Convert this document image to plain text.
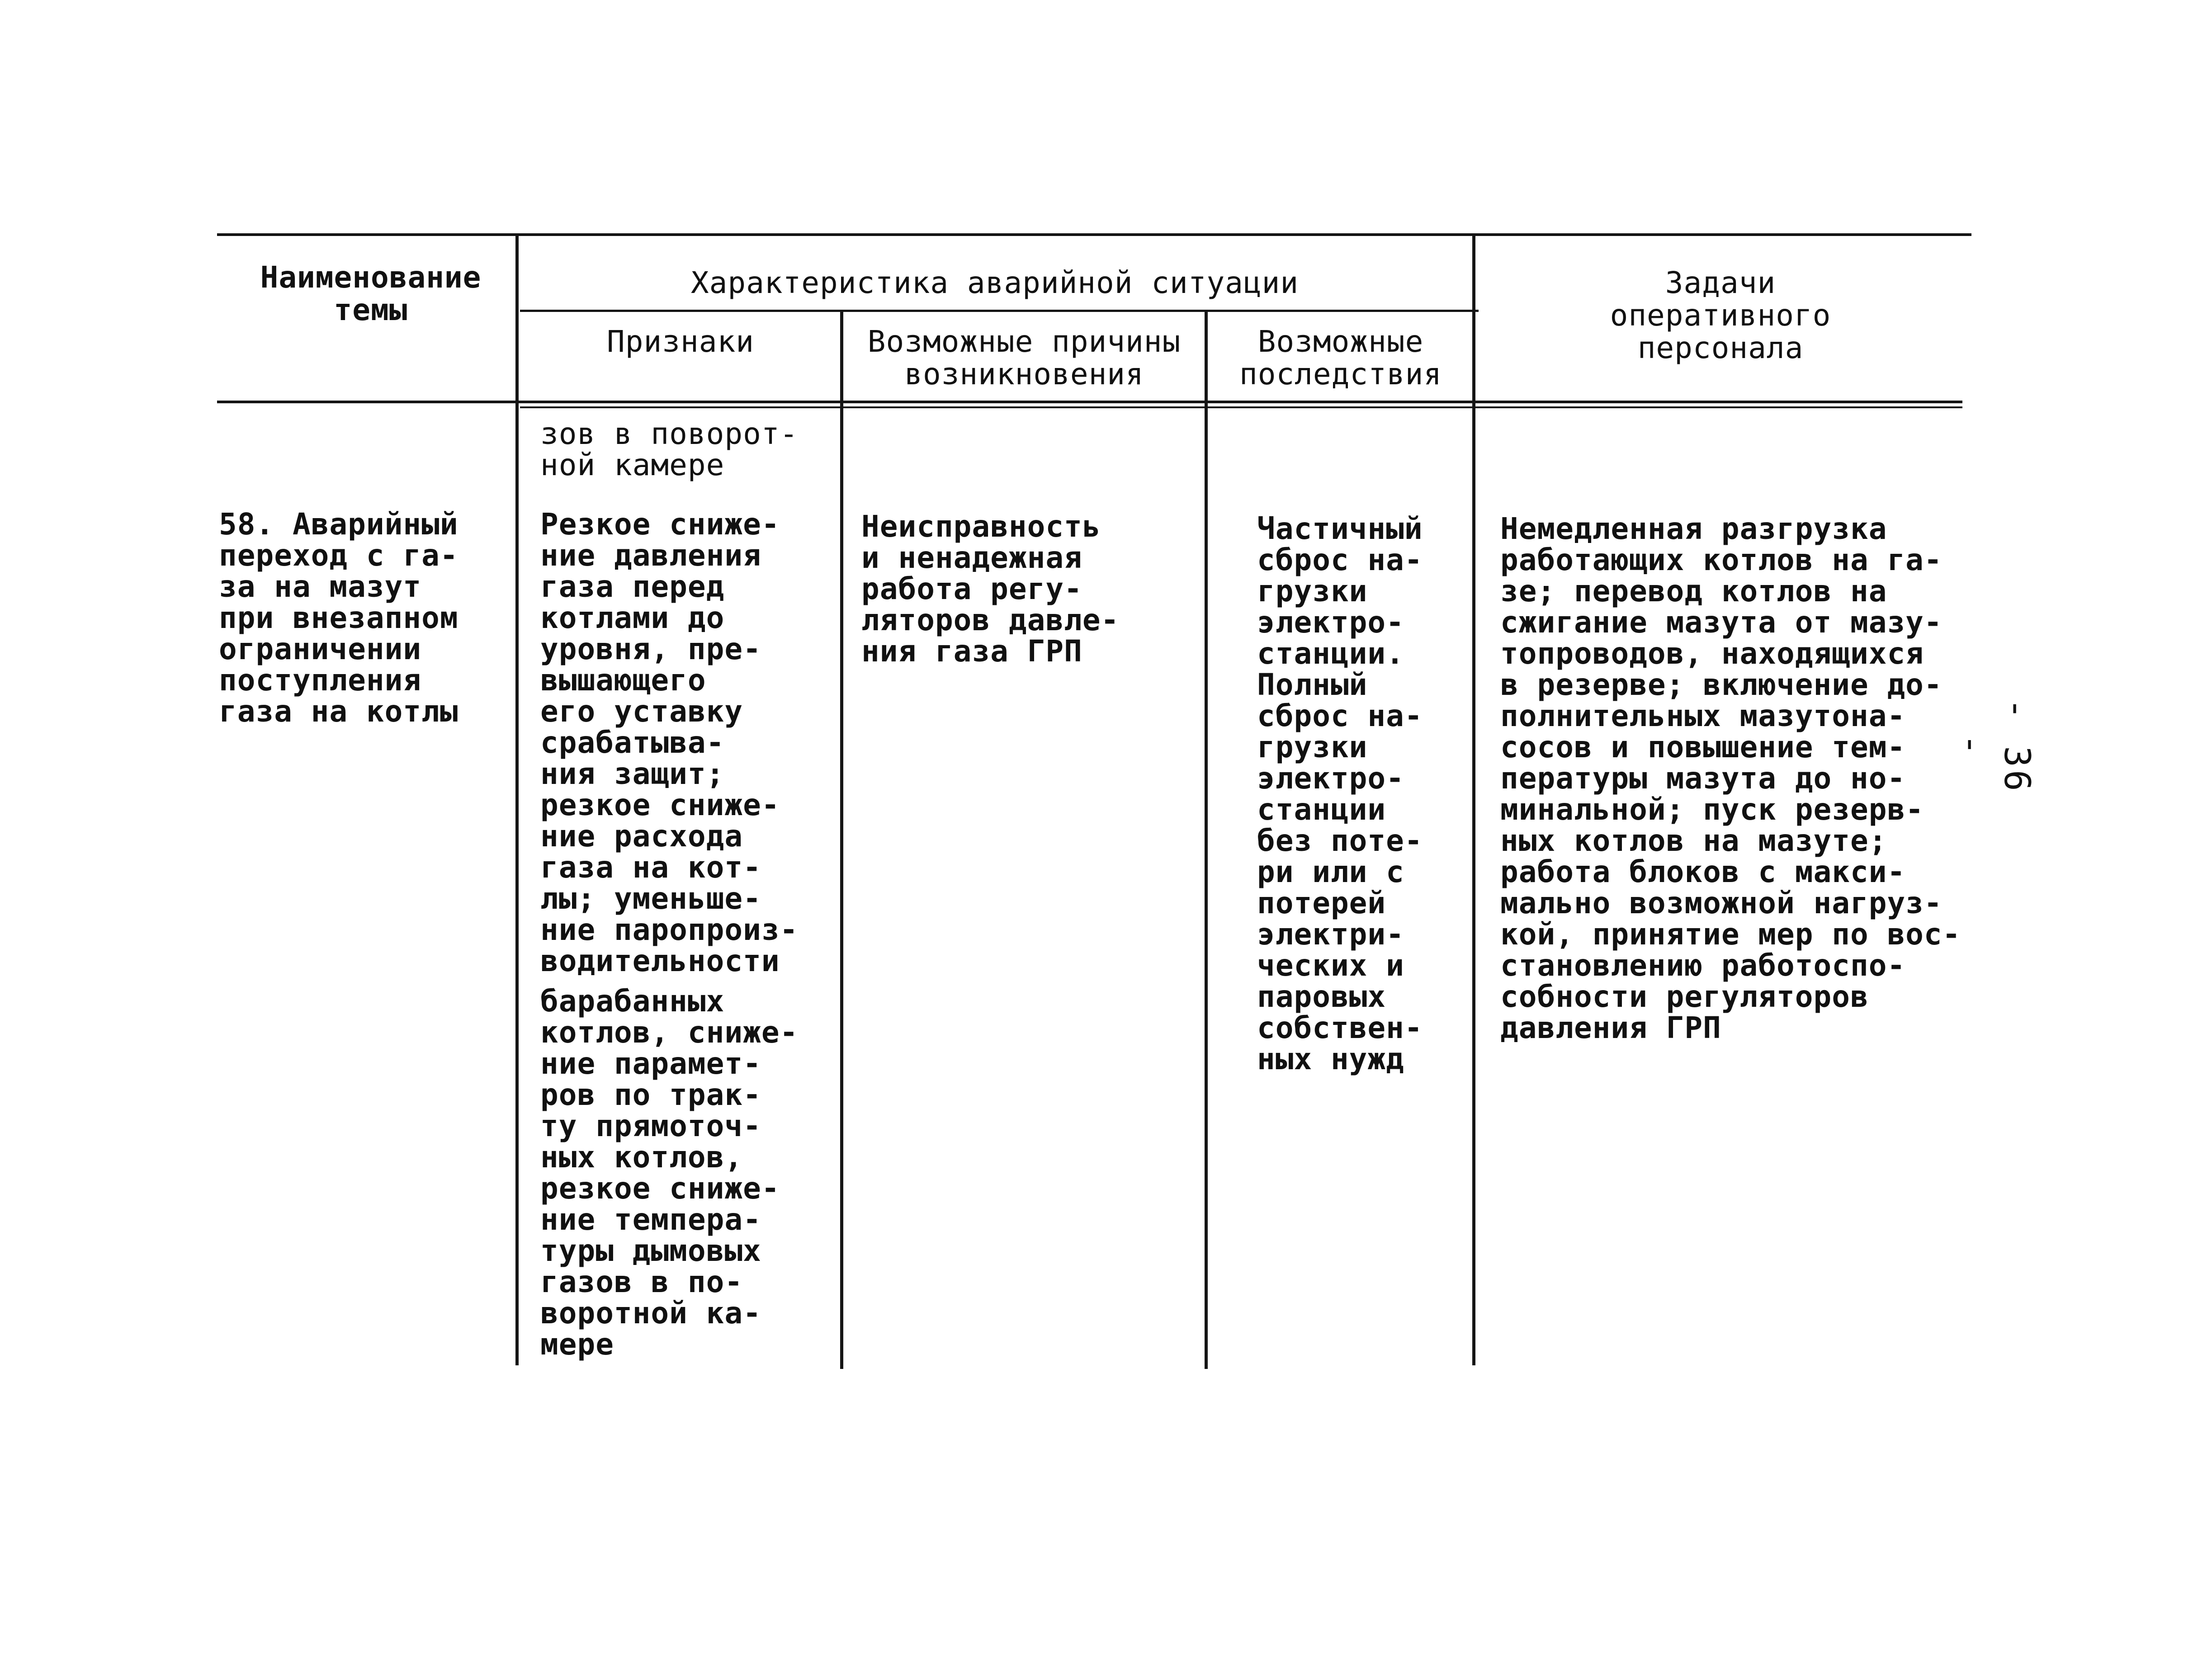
Наименование
темы
Характеристика аварийной ситуации
Признаки	Возможные причины
возникновения
Возможные
последствия
Задачи
оперативного
персонала
зов в поворот-
ной камере
58. Аварийный
переход с га-
за на мазут
при внезапном
ограничении
поступления
газа на котлы
Резкое сниже-
ние давления
газа перед
котлами до
уровня, пре-
вышающего
его уставку
срабатыва-
ния защит;
резкое сниже-
ние расхода
газа на кот-
лы; уменьше-
ние паропроиз-
водительности
барабанных
котлов, сниже-
ние парамет-
ров по трак-
ту прямоточ-
ных котлов,
резкое сниже-
ние темпера-
туры дымовых
газов в по-
воротной ка-
мере
Неисправность
и ненадежная
работа регу-
ляторов давле-
ния газа ГРП
Частичный
сброс на-
грузки
электро-
станции.
Полный
сброс на-
грузки
электро-
станции
без поте-
ри или с
потерей
электри-
ческих и
паровых
собствен-
ных нужд
Немедленная разгрузка
работающих котлов на га-
зе; перевод котлов на
сжигание мазута от мазу-
топроводов, находящихся
в резерве; включение до-
полнительных мазутона-
сосов и повышение тем-
пературы мазута до но-
минальной; пуск резерв-
ных котлов на мазуте;
работа блоков с макси-
мально возможной нагруз-
кой, принятие мер по вос-
становлению работоспо-
собности регуляторов
давления ГРП
- 36 -
